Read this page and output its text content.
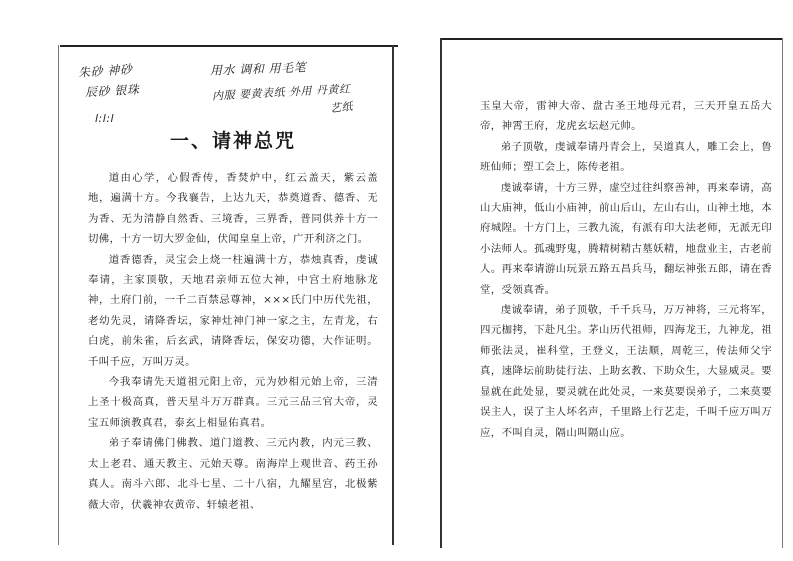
朱砂 神砂
辰砂 银珠
用水 调和 用毛笔
内服 要黄表纸 外用 丹黄红
艺纸
l:l:l
一、请神总咒

道由心学，心假香传，香焚炉中，红云盖天，紫云盖地，遍满十方。今我襄告，上达九天，恭奠道香、德香、无为香、无为清静自然香、三境香，三界香，普同供养十方一切佛，十方一切大罗金仙，伏闻皇皇上帝，广开利济之门。

道香德香，灵宝会上烧一柱遍满十方，恭烛真香，虔诚奉请，主家顶敬，天地君亲师五位大神，中宫土府地脉龙神，土府门前，一千二百禁忌尊神，×××氏门中历代先祖，老幼先灵，请降香坛，家神灶神门神一家之主，左青龙，右白虎，前朱雀，后玄武，请降香坛，保安功德，大作证明。千叫千应，万叫万灵。

今我奉请先天道祖元阳上帝，元为妙相元始上帝，三清上圣十极高真，普天星斗万万群真。三元三品三官大帝，灵宝五师演教真君，泰玄上相显佑真君。

弟子奉请佛门佛教、道门道教、三元内教，内元三教、太上老君、通天教主、元始天尊。南海岸上观世音、药王孙真人。南斗六郎、北斗七星、二十八宿，九耀星宫，北极紫薇大帝，伏羲神农黄帝、轩辕老祖、

玉皇大帝，雷神大帝、盘古圣王地母元君，三天开皇五岳大帝，神霄王府，龙虎玄坛赵元帅。

弟子顶敬，虔诚奉请丹青会上，吴道真人，雕工会上，鲁班仙师；塑工会上，陈传老祖。

虔诚奉请，十方三界，虚空过往纠察善神，再来奉请，高山大庙神，低山小庙神，前山后山，左山右山，山神土地，本府城隍。十方门上，三教九流，有派有印大法老师，无派无印小法师人。孤魂野鬼，腾精树精古墓妖精，地盘业主，古老前人。再来奉请游山玩景五路五昌兵马，翻坛神张五郎，请在香堂，受领真香。

虔诚奉请，弟子顶敬，千千兵马，万万神将，三元将军，四元枷拷，下赴凡尘。茅山历代祖师，四海龙王，九神龙，祖师张法灵，崔科堂，王登义，王法顺，周乾三，传法师父宇真，速降坛前助徒行法、上助玄教、下助众生，大显威灵。要显就在此处显，要灵就在此处灵，一来莫要误弟子，二来莫要误主人，误了主人坏名声，千里路上行艺走，千叫千应万叫万应，不叫自灵，隔山叫隔山应。
